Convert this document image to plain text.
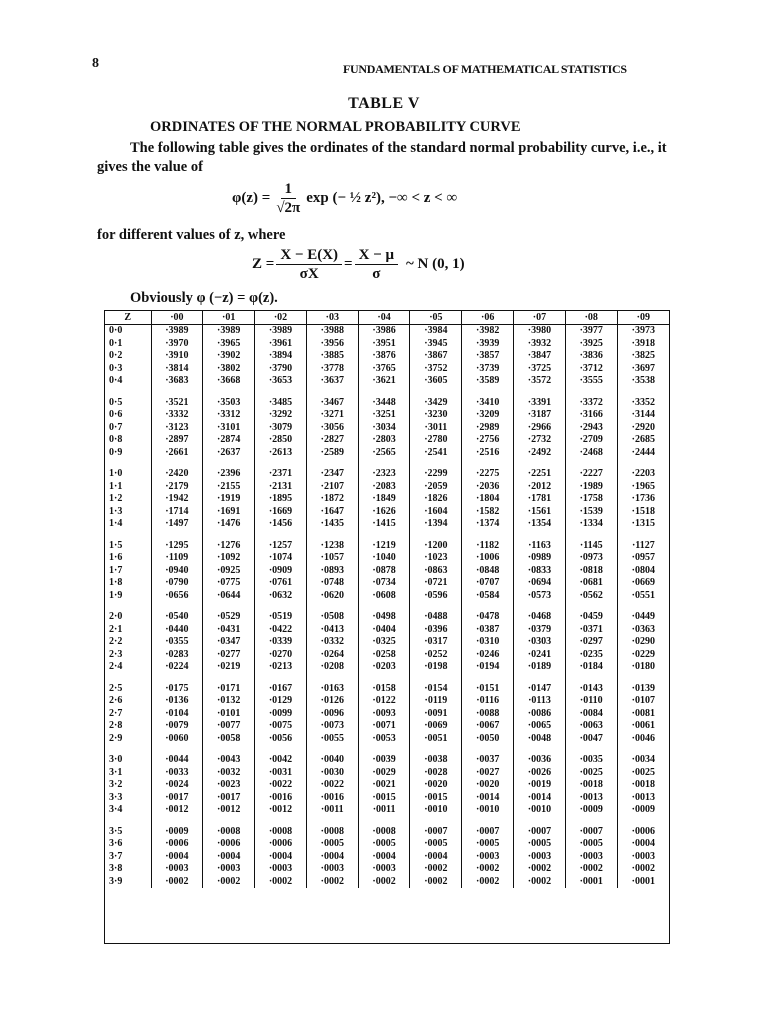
8	FUNDAMENTALS OF MATHEMATICAL STATISTICS
TABLE V
ORDINATES OF THE NORMAL PROBABILITY CURVE
The following table gives the ordinates of the standard normal probability curve, i.e., it gives the value of
$\varphi(z) = \frac{1}{√2\pi}$ exp (− ½ z²), −∞ < z < ∞
for different values of z, where
$Z = \frac{X - E(X)}{\sigma X} = \frac{X - \mu}{\sigma}$ ~ N (0, 1)
Obviously φ (−z) = φ(z).
Z	·00	·01	·02	·03	·04	·05	·06	·07	·08	·09
0·0	·3989	·3989	·3989	·3988	·3986	·3984	·3982	·3980	·3977	·3973
0·1	·3970	·3965	·3961	·3956	·3951	·3945	·3939	·3932	·3925	·3918
0·2	·3910	·3902	·3894	·3885	·3876	·3867	·3857	·3847	·3836	·3825
0·3	·3814	·3802	·3790	·3778	·3765	·3752	·3739	·3725	·3712	·3697
0·4	·3683	·3668	·3653	·3637	·3621	·3605	·3589	·3572	·3555	·3538
0·5	·3521	·3503	·3485	·3467	·3448	·3429	·3410	·3391	·3372	·3352
0·6	·3332	·3312	·3292	·3271	·3251	·3230	·3209	·3187	·3166	·3144
0·7	·3123	·3101	·3079	·3056	·3034	·3011	·2989	·2966	·2943	·2920
0·8	·2897	·2874	·2850	·2827	·2803	·2780	·2756	·2732	·2709	·2685
0·9	·2661	·2637	·2613	·2589	·2565	·2541	·2516	·2492	·2468	·2444
1·0	·2420	·2396	·2371	·2347	·2323	·2299	·2275	·2251	·2227	·2203
1·1	·2179	·2155	·2131	·2107	·2083	·2059	·2036	·2012	·1989	·1965
1·2	·1942	·1919	·1895	·1872	·1849	·1826	·1804	·1781	·1758	·1736
1·3	·1714	·1691	·1669	·1647	·1626	·1604	·1582	·1561	·1539	·1518
1·4	·1497	·1476	·1456	·1435	·1415	·1394	·1374	·1354	·1334	·1315
1·5	·1295	·1276	·1257	·1238	·1219	·1200	·1182	·1163	·1145	·1127
1·6	·1109	·1092	·1074	·1057	·1040	·1023	·1006	·0989	·0973	·0957
1·7	·0940	·0925	·0909	·0893	·0878	·0863	·0848	·0833	·0818	·0804
1·8	·0790	·0775	·0761	·0748	·0734	·0721	·0707	·0694	·0681	·0669
1·9	·0656	·0644	·0632	·0620	·0608	·0596	·0584	·0573	·0562	·0551
2·0	·0540	·0529	·0519	·0508	·0498	·0488	·0478	·0468	·0459	·0449
2·1	·0440	·0431	·0422	·0413	·0404	·0396	·0387	·0379	·0371	·0363
2·2	·0355	·0347	·0339	·0332	·0325	·0317	·0310	·0303	·0297	·0290
2·3	·0283	·0277	·0270	·0264	·0258	·0252	·0246	·0241	·0235	·0229
2·4	·0224	·0219	·0213	·0208	·0203	·0198	·0194	·0189	·0184	·0180
2·5	·0175	·0171	·0167	·0163	·0158	·0154	·0151	·0147	·0143	·0139
2·6	·0136	·0132	·0129	·0126	·0122	·0119	·0116	·0113	·0110	·0107
2·7	·0104	·0101	·0099	·0096	·0093	·0091	·0088	·0086	·0084	·0081
2·8	·0079	·0077	·0075	·0073	·0071	·0069	·0067	·0065	·0063	·0061
2·9	·0060	·0058	·0056	·0055	·0053	·0051	·0050	·0048	·0047	·0046
3·0	·0044	·0043	·0042	·0040	·0039	·0038	·0037	·0036	·0035	·0034
3·1	·0033	·0032	·0031	·0030	·0029	·0028	·0027	·0026	·0025	·0025
3·2	·0024	·0023	·0022	·0022	·0021	·0020	·0020	·0019	·0018	·0018
3·3	·0017	·0017	·0016	·0016	·0015	·0015	·0014	·0014	·0013	·0013
3·4	·0012	·0012	·0012	·0011	·0011	·0010	·0010	·0010	·0009	·0009
3·5	·0009	·0008	·0008	·0008	·0008	·0007	·0007	·0007	·0007	·0006
3·6	·0006	·0006	·0006	·0005	·0005	·0005	·0005	·0005	·0005	·0004
3·7	·0004	·0004	·0004	·0004	·0004	·0004	·0003	·0003	·0003	·0003
3·8	·0003	·0003	·0003	·0003	·0003	·0002	·0002	·0002	·0002	·0002
3·9	·0002	·0002	·0002	·0002	·0002	·0002	·0002	·0002	·0001	·0001
